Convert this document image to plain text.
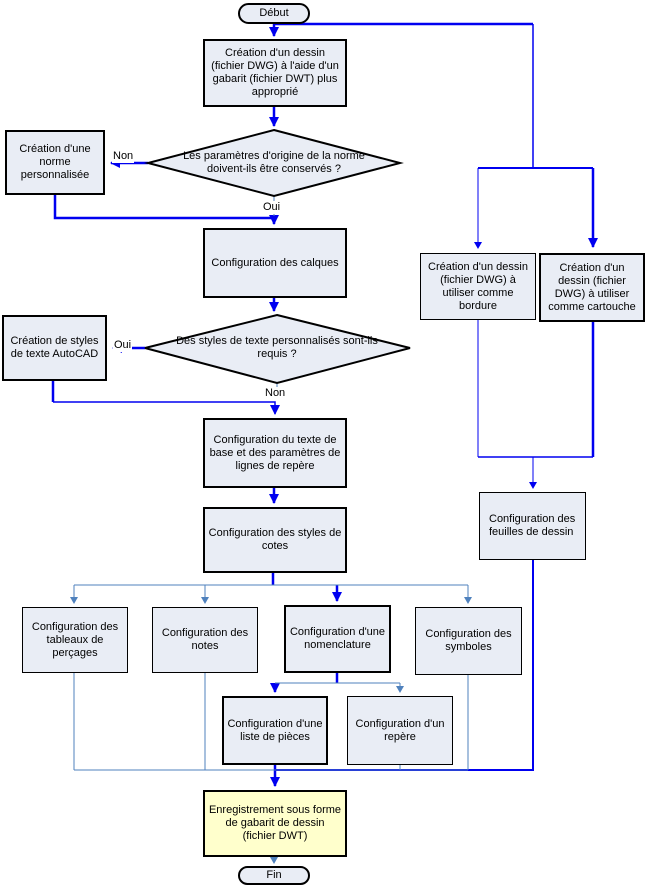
Début
Création d'un dessin (fichier DWG) à l'aide d'un gabarit (fichier DWT) plus approprié
Les paramètres d'origine de la norme doivent-ils être conservés ?
Création d'une norme personnalisée
Configuration des calques
Des styles de texte personnalisés sont-ils requis ?
Création de styles de texte AutoCAD
Configuration du texte de base et des paramètres de lignes de repère
Configuration des styles de cotes
Création d'un dessin (fichier DWG) à utiliser comme bordure
Création d'un dessin (fichier DWG) à utiliser comme cartouche
Configuration des feuilles de dessin
Configuration des tableaux de perçages
Configuration des notes
Configuration d'une nomenclature
Configuration des symboles
Configuration d'une liste de pièces
Configuration d'un repère
Enregistrement sous forme de gabarit de dessin (fichier DWT)
Fin
Non
Oui
Oui
Non
